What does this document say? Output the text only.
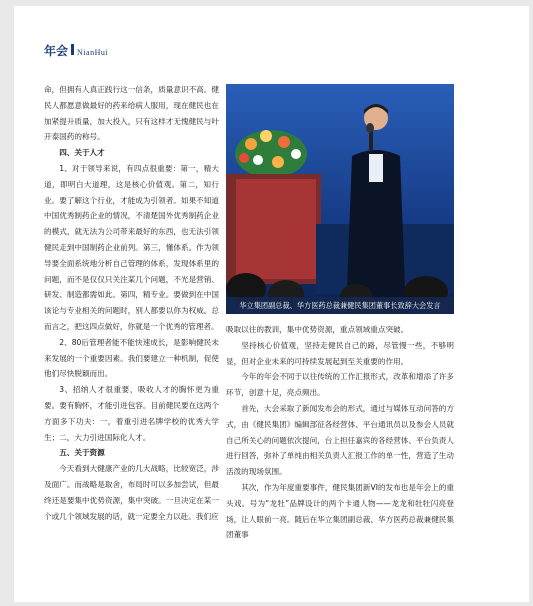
年会 NianHui

命，但拥有人真正践行这一信条，质量意识不高。健民人都愿意做最好的药来给病人服用，现在健民也在加紧提升质量，加大投入，只有这样才无愧健民与叶开泰国药的称号。

四、关于人才

1、对于领导来说，有四点很重要：第一，精大道，即明白大道理，这是核心价值观。第二，知行业。要了解这个行业，才能成为引领者。如果不知道中国优秀制药企业的情况，不清楚国外优秀制药企业的模式，就无法为公司带来最好的东西，也无法引领健民走到中国制药企业前列。第三，懂体系。作为领导要全面系统地分析自己管理的体系，发现体系里的问题，而不是仅仅只关注某几个问题，不光是营销、研发、制造都需如此。第四，精专业。要做到在中国该论与专业相关的问题时，别人都要以你为权威。总而言之，把这四点做好，你就是一个优秀的管理者。

2、80后管理者能不能快速成长，是影响健民未来发展的一个重要因素。我们要建立一种机制，促使他们尽快脱颖而出。

3、招纳人才很重要，吸收人才的胸怀更为重要。要有胸怀，才能引进包容。目前健民要在这两个方面多下功夫：一，着重引进名牌学校的优秀大学生；二，大力引进国际化人才。

五、关于资源

今天看到大健康产业的几大战略，比较宽泛，涉及面广。而战略是取舍，布局时可以多加尝试，但最终还是要集中优势资源，集中突破。一旦决定在某一个或几个领域发展的话，就一定要全力以赴。我们应

华立集团副总裁、华方医药总裁兼健民集团董事长致辞大会发言

吸取以往的教训，集中优势资源，重点领域重点突破。

坚持核心价值观，坚持走健民自己的路，尽管慢一些，不够明显，但对企业未来的可持续发展起到至关重要的作用。

今年的年会不同于以往传统的工作汇报形式，改革和增添了许多环节，创意十足，亮点频出。

首先，大会采取了新闻发布会的形式，通过与媒体互动问答的方式，由《健民集团》编辑部征各经营体、平台通讯员以及参会人员就自己所关心的问题依次提问，台上担任嘉宾的各经营体、平台负责人进行回答，弥补了单纯由相关负责人汇报工作的单一性，营造了生动活泼的现场氛围。

其次，作为年度重要事件，健民集团新VI的发布也是年会上的重头戏。号为“龙牡”品牌设计的两个卡通人物——龙龙和牡牡闪亮登场，让人眼前一亮。随后在华立集团副总裁、华方医药总裁兼健民集团董事
